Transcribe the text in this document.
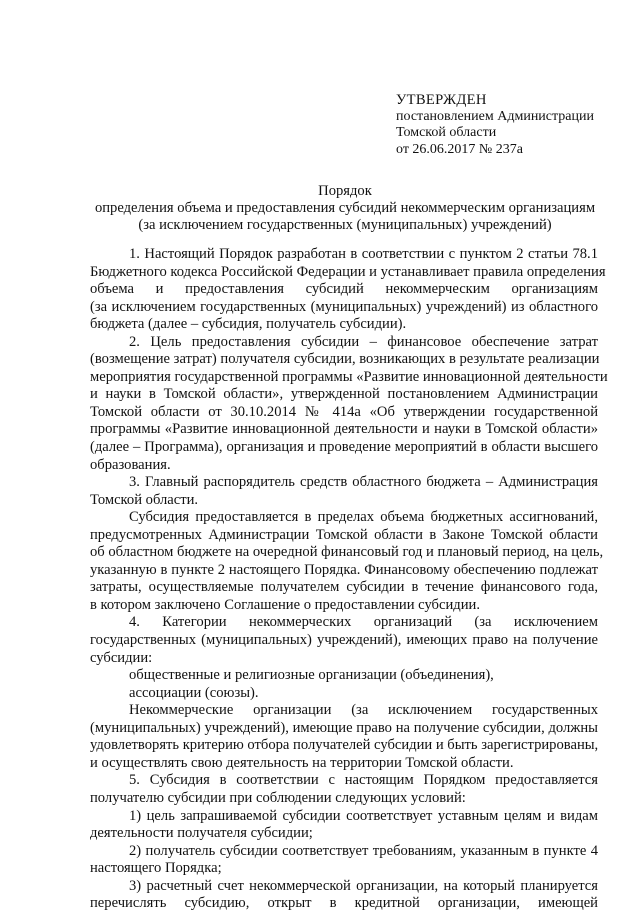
УТВЕРЖДЕН
постановлением Администрации
Томской области
от 26.06.2017 № 237а
Порядок
определения объема и предоставления субсидий некоммерческим организациям
(за исключением государственных (муниципальных) учреждений)
1. Настоящий Порядок разработан в соответствии с пунктом 2 статьи 78.1
Бюджетного кодекса Российской Федерации и устанавливает правила определения
объема и предоставления субсидий некоммерческим организациям
(за исключением государственных (муниципальных) учреждений) из областного
бюджета (далее – субсидия, получатель субсидии).
2. Цель предоставления субсидии – финансовое обеспечение затрат
(возмещение затрат) получателя субсидии, возникающих в результате реализации
мероприятия государственной программы «Развитие инновационной деятельности
и науки в Томской области», утвержденной постановлением Администрации
Томской области от 30.10.2014 № 414а «Об утверждении государственной
программы «Развитие инновационной деятельности и науки в Томской области»
(далее – Программа), организация и проведение мероприятий в области высшего
образования.
3. Главный распорядитель средств областного бюджета – Администрация
Томской области.
Субсидия предоставляется в пределах объема бюджетных ассигнований,
предусмотренных Администрации Томской области в Законе Томской области
об областном бюджете на очередной финансовый год и плановый период, на цель,
указанную в пункте 2 настоящего Порядка. Финансовому обеспечению подлежат
затраты, осуществляемые получателем субсидии в течение финансового года,
в котором заключено Соглашение о предоставлении субсидии.
4. Категории некоммерческих организаций (за исключением
государственных (муниципальных) учреждений), имеющих право на получение
субсидии:
общественные и религиозные организации (объединения),
ассоциации (союзы).
Некоммерческие организации (за исключением государственных
(муниципальных) учреждений), имеющие право на получение субсидии, должны
удовлетворять критерию отбора получателей субсидии и быть зарегистрированы,
и осуществлять свою деятельность на территории Томской области.
5. Субсидия в соответствии с настоящим Порядком предоставляется
получателю субсидии при соблюдении следующих условий:
1) цель запрашиваемой субсидии соответствует уставным целям и видам
деятельности получателя субсидии;
2) получатель субсидии соответствует требованиям, указанным в пункте 4
настоящего Порядка;
3) расчетный счет некоммерческой организации, на который планируется
перечислять субсидию, открыт в кредитной организации, имеющей
